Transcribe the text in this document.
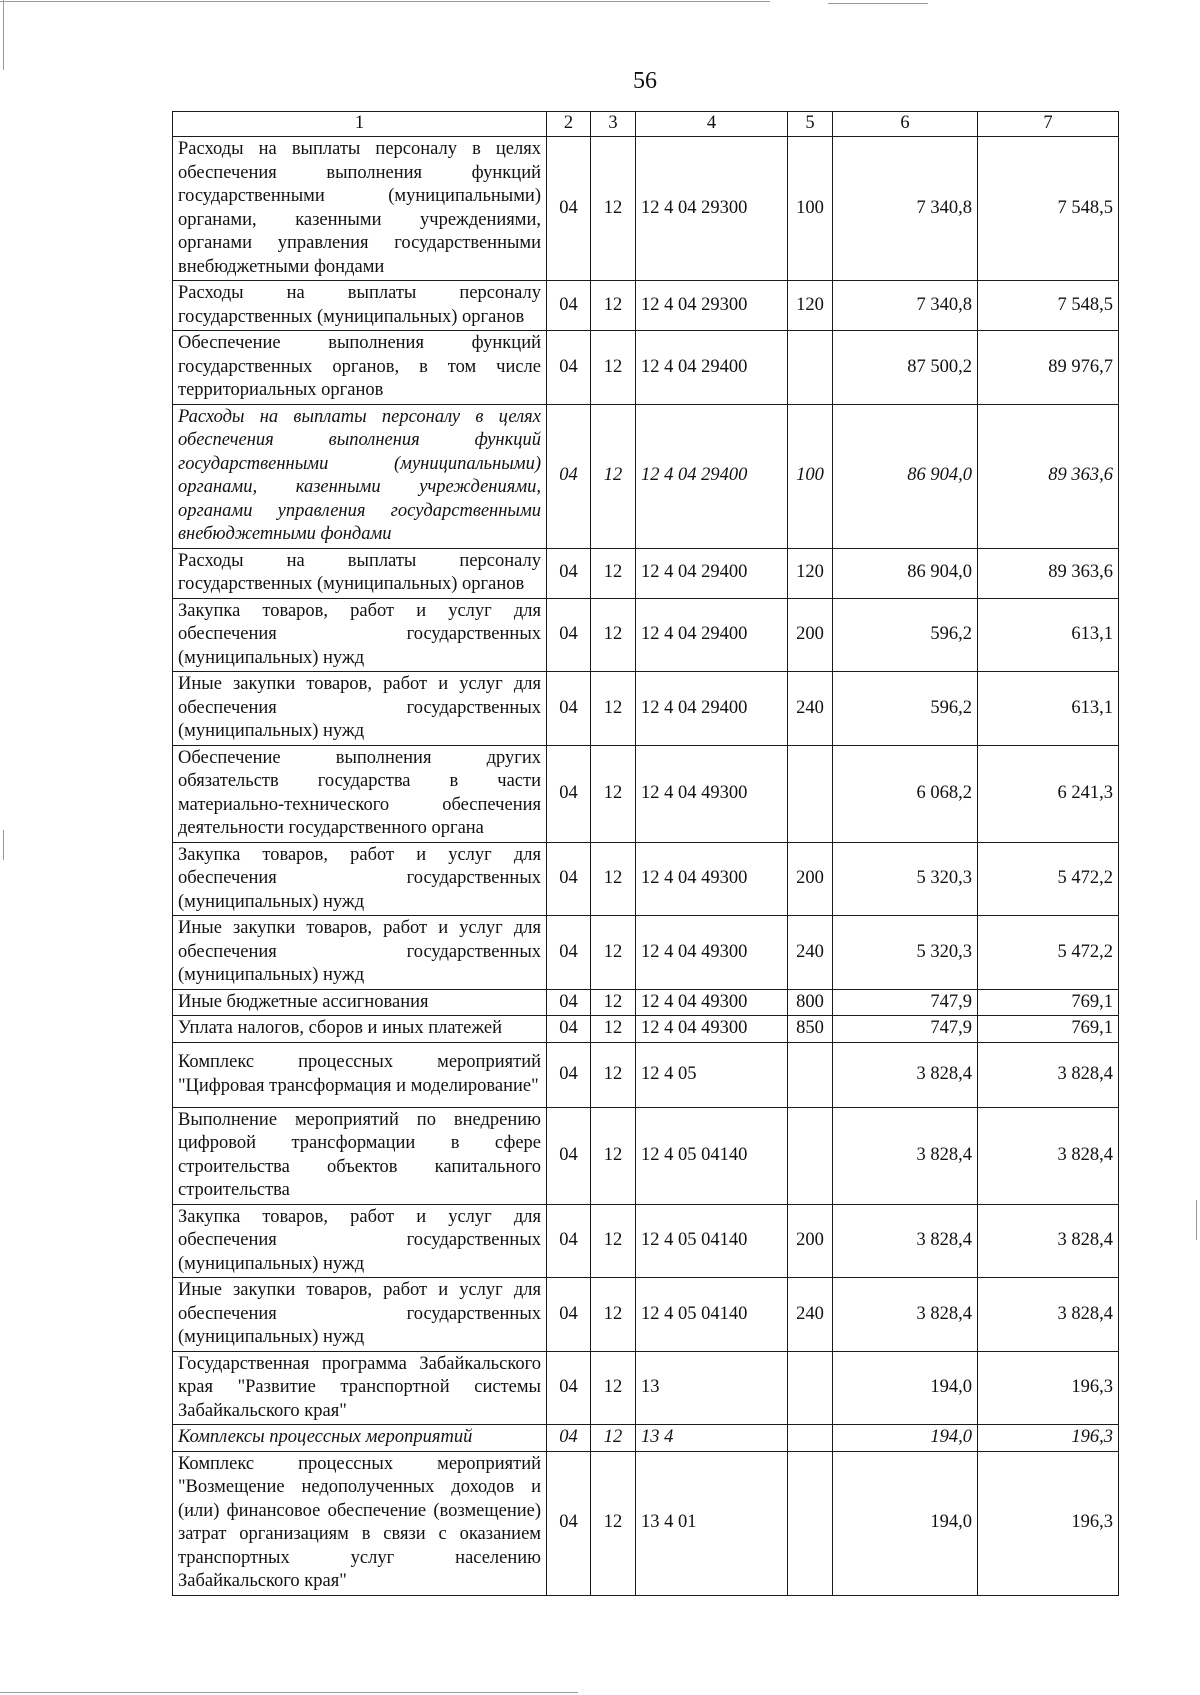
56
1	2	3	4	5	6	7
Расходы на выплаты персоналу в целях обеспечения выполнения функций государственными (муниципальными) органами, казенными учреждениями, органами управления государственными внебюджетными фондами	04	12	12 4 04 29300	100	7 340,8	7 548,5
Расходы на выплаты персоналу государственных (муниципальных) органов	04	12	12 4 04 29300	120	7 340,8	7 548,5
Обеспечение выполнения функций государственных органов, в том числе территориальных органов	04	12	12 4 04 29400		87 500,2	89 976,7
Расходы на выплаты персоналу в целях обеспечения выполнения функций государственными (муниципальными) органами, казенными учреждениями, органами управления государственными внебюджетными фондами	04	12	12 4 04 29400	100	86 904,0	89 363,6
Расходы на выплаты персоналу государственных (муниципальных) органов	04	12	12 4 04 29400	120	86 904,0	89 363,6
Закупка товаров, работ и услуг для обеспечения государственных (муниципальных) нужд	04	12	12 4 04 29400	200	596,2	613,1
Иные закупки товаров, работ и услуг для обеспечения государственных (муниципальных) нужд	04	12	12 4 04 29400	240	596,2	613,1
Обеспечение выполнения других обязательств государства в части материально-технического обеспечения деятельности государственного органа	04	12	12 4 04 49300		6 068,2	6 241,3
Закупка товаров, работ и услуг для обеспечения государственных (муниципальных) нужд	04	12	12 4 04 49300	200	5 320,3	5 472,2
Иные закупки товаров, работ и услуг для обеспечения государственных (муниципальных) нужд	04	12	12 4 04 49300	240	5 320,3	5 472,2
Иные бюджетные ассигнования	04	12	12 4 04 49300	800	747,9	769,1
Уплата налогов, сборов и иных платежей	04	12	12 4 04 49300	850	747,9	769,1
Комплекс процессных мероприятий "Цифровая трансформация и моделирование"	04	12	12 4 05		3 828,4	3 828,4
Выполнение мероприятий по внедрению цифровой трансформации в сфере строительства объектов капитального строительства	04	12	12 4 05 04140		3 828,4	3 828,4
Закупка товаров, работ и услуг для обеспечения государственных (муниципальных) нужд	04	12	12 4 05 04140	200	3 828,4	3 828,4
Иные закупки товаров, работ и услуг для обеспечения государственных (муниципальных) нужд	04	12	12 4 05 04140	240	3 828,4	3 828,4
Государственная программа Забайкальского края "Развитие транспортной системы Забайкальского края"	04	12	13		194,0	196,3
Комплексы процессных мероприятий	04	12	13 4		194,0	196,3
Комплекс процессных мероприятий "Возмещение недополученных доходов и (или) финансовое обеспечение (возмещение) затрат организациям в связи с оказанием транспортных услуг населению Забайкальского края"	04	12	13 4 01		194,0	196,3
